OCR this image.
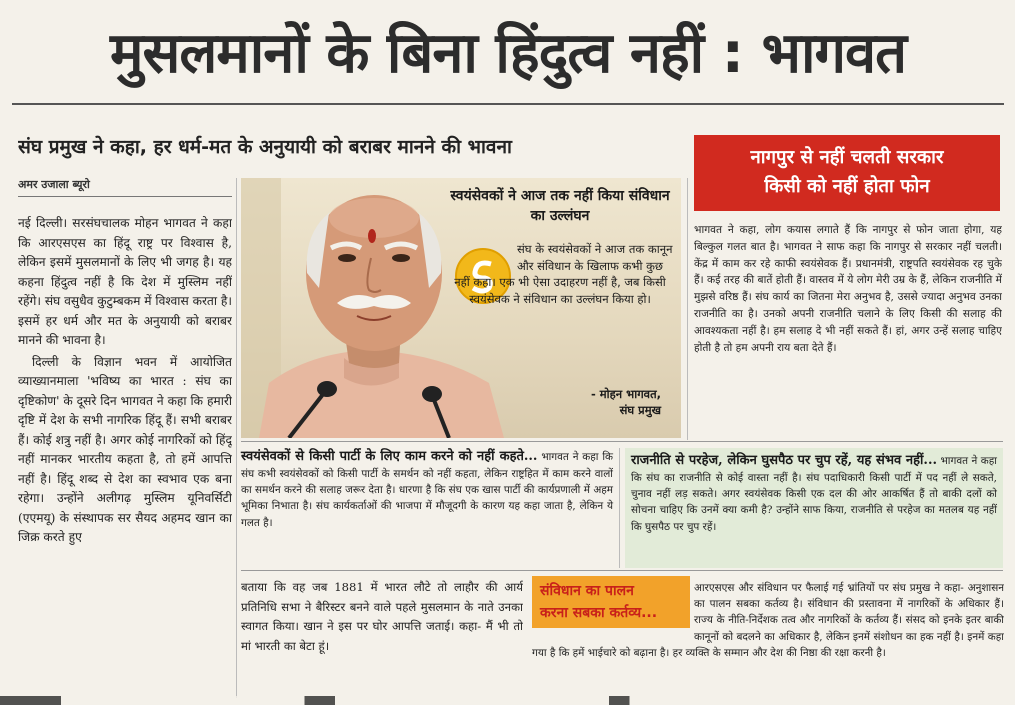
मुसलमानों के बिना हिंदुत्व नहीं : भागवत
संघ प्रमुख ने कहा, हर धर्म-मत के अनुयायी को बराबर मानने की भावना
अमर उजाला ब्यूरो

नई दिल्ली। सरसंघचालक मोहन भागवत ने कहा कि आरएसएस का हिंदू राष्ट्र पर विश्वास है, लेकिन इसमें मुसलमानों के लिए भी जगह है। यह कहना हिंदुत्व नहीं है कि देश में मुस्लिम नहीं रहेंगे। संघ वसुधैव कुटुम्बकम में विश्वास करता है। इसमें हर धर्म और मत के अनुयायी को बराबर मानने की भावना है।

दिल्ली के विज्ञान भवन में आयोजित व्याख्यानमाला 'भविष्य का भारत : संघ का दृष्टिकोण' के दूसरे दिन भागवत ने कहा कि हमारी दृष्टि में देश के सभी नागरिक हिंदू हैं। सभी बराबर हैं। कोई शत्रु नहीं है। अगर कोई नागरिकों को हिंदू नहीं मानकर भारतीय कहता है, तो हमें आपत्ति नहीं है। हिंदू शब्द से देश का स्वभाव एक बना रहेगा। उन्होंने अलीगढ़ मुस्लिम यूनिवर्सिटी (एएमयू) के संस्थापक सर सैयद अहमद खान का जिक्र करते हुए

स्वयंसेवकों ने आज तक नहीं किया संविधान का उल्लंघन
संघ के स्वयंसेवकों ने आज तक कानून और संविधान के खिलाफ कभी कुछ
नहीं कहा। एक भी ऐसा उदाहरण नहीं है, जब किसी स्वयंसेवक ने संविधान का उल्लंघन किया हो।
- मोहन भागवत,
संघ प्रमुख
नागपुर से नहीं चलती सरकार
किसी को नहीं होता फोन
भागवत ने कहा, लोग कयास लगाते हैं कि नागपुर से फोन जाता होगा, यह बिल्कुल गलत बात है। भागवत ने साफ कहा कि नागपुर से सरकार नहीं चलती। केंद्र में काम कर रहे काफी स्वयंसेवक हैं। प्रधानमंत्री, राष्ट्रपति स्वयंसेवक रह चुके हैं। कई तरह की बातें होती हैं। वास्तव में ये लोग मेरी उम्र के हैं, लेकिन राजनीति में मुझसे वरिष्ठ हैं। संघ कार्य का जितना मेरा अनुभव है, उससे ज्यादा अनुभव उनका राजनीति का है। उनको अपनी राजनीति चलाने के लिए किसी की सलाह की आवश्यकता नहीं है। हम सलाह दे भी नहीं सकते हैं। हां, अगर उन्हें सलाह चाहिए होती है तो हम अपनी राय बता देते हैं।
स्वयंसेवकों से किसी पार्टी के लिए काम करने को नहीं कहते... भागवत ने कहा कि संघ कभी स्वयंसेवकों को किसी पार्टी के समर्थन को नहीं कहता, लेकिन राष्ट्रहित में काम करने वालों का समर्थन करने की सलाह जरूर देता है। धारणा है कि संघ एक खास पार्टी की कार्यप्रणाली में अहम भूमिका निभाता है। संघ कार्यकर्ताओं की भाजपा में मौजूदगी के कारण यह कहा जाता है, लेकिन ये गलत है।
राजनीति से परहेज, लेकिन घुसपैठ पर चुप रहें, यह संभव नहीं... भागवत ने कहा कि संघ का राजनीति से कोई वास्ता नहीं है। संघ पदाधिकारी किसी पार्टी में पद नहीं ले सकते, चुनाव नहीं लड़ सकते। अगर स्वयंसेवक किसी एक दल की ओर आकर्षित हैं तो बाकी दलों को सोचना चाहिए कि उनमें क्या कमी है? उन्होंने साफ किया, राजनीति से परहेज का मतलब यह नहीं कि घुसपैठ पर चुप रहें।
बताया कि वह जब 1881 में भारत लौटे तो लाहौर की आर्य प्रतिनिधि सभा ने बैरिस्टर बनने वाले पहले मुसलमान के नाते उनका स्वागत किया। खान ने इस पर घोर आपत्ति जताई। कहा- मैं भी तो मां भारती का बेटा हूं।
आरएसएस और संविधान पर फैलाई गई भ्रांतियों पर संघ प्रमुख ने कहा- अनुशासन का पालन सबका कर्तव्य है। संविधान की प्रस्तावना में नागरिकों के अधिकार हैं। राज्य के नीति-निर्देशक तत्व और नागरिकों के कर्तव्य हैं। संसद को इनके इतर बाकी कानूनों को बदलने का अधिकार है, लेकिन इनमें संशोधन का हक नहीं है। इनमें कहा गया है कि हमें भाईचारे को बढ़ाना है। हर व्यक्ति के सम्मान और देश की निष्ठा की रक्षा करनी है।
संविधान का पालन
करना सबका कर्तव्य...
